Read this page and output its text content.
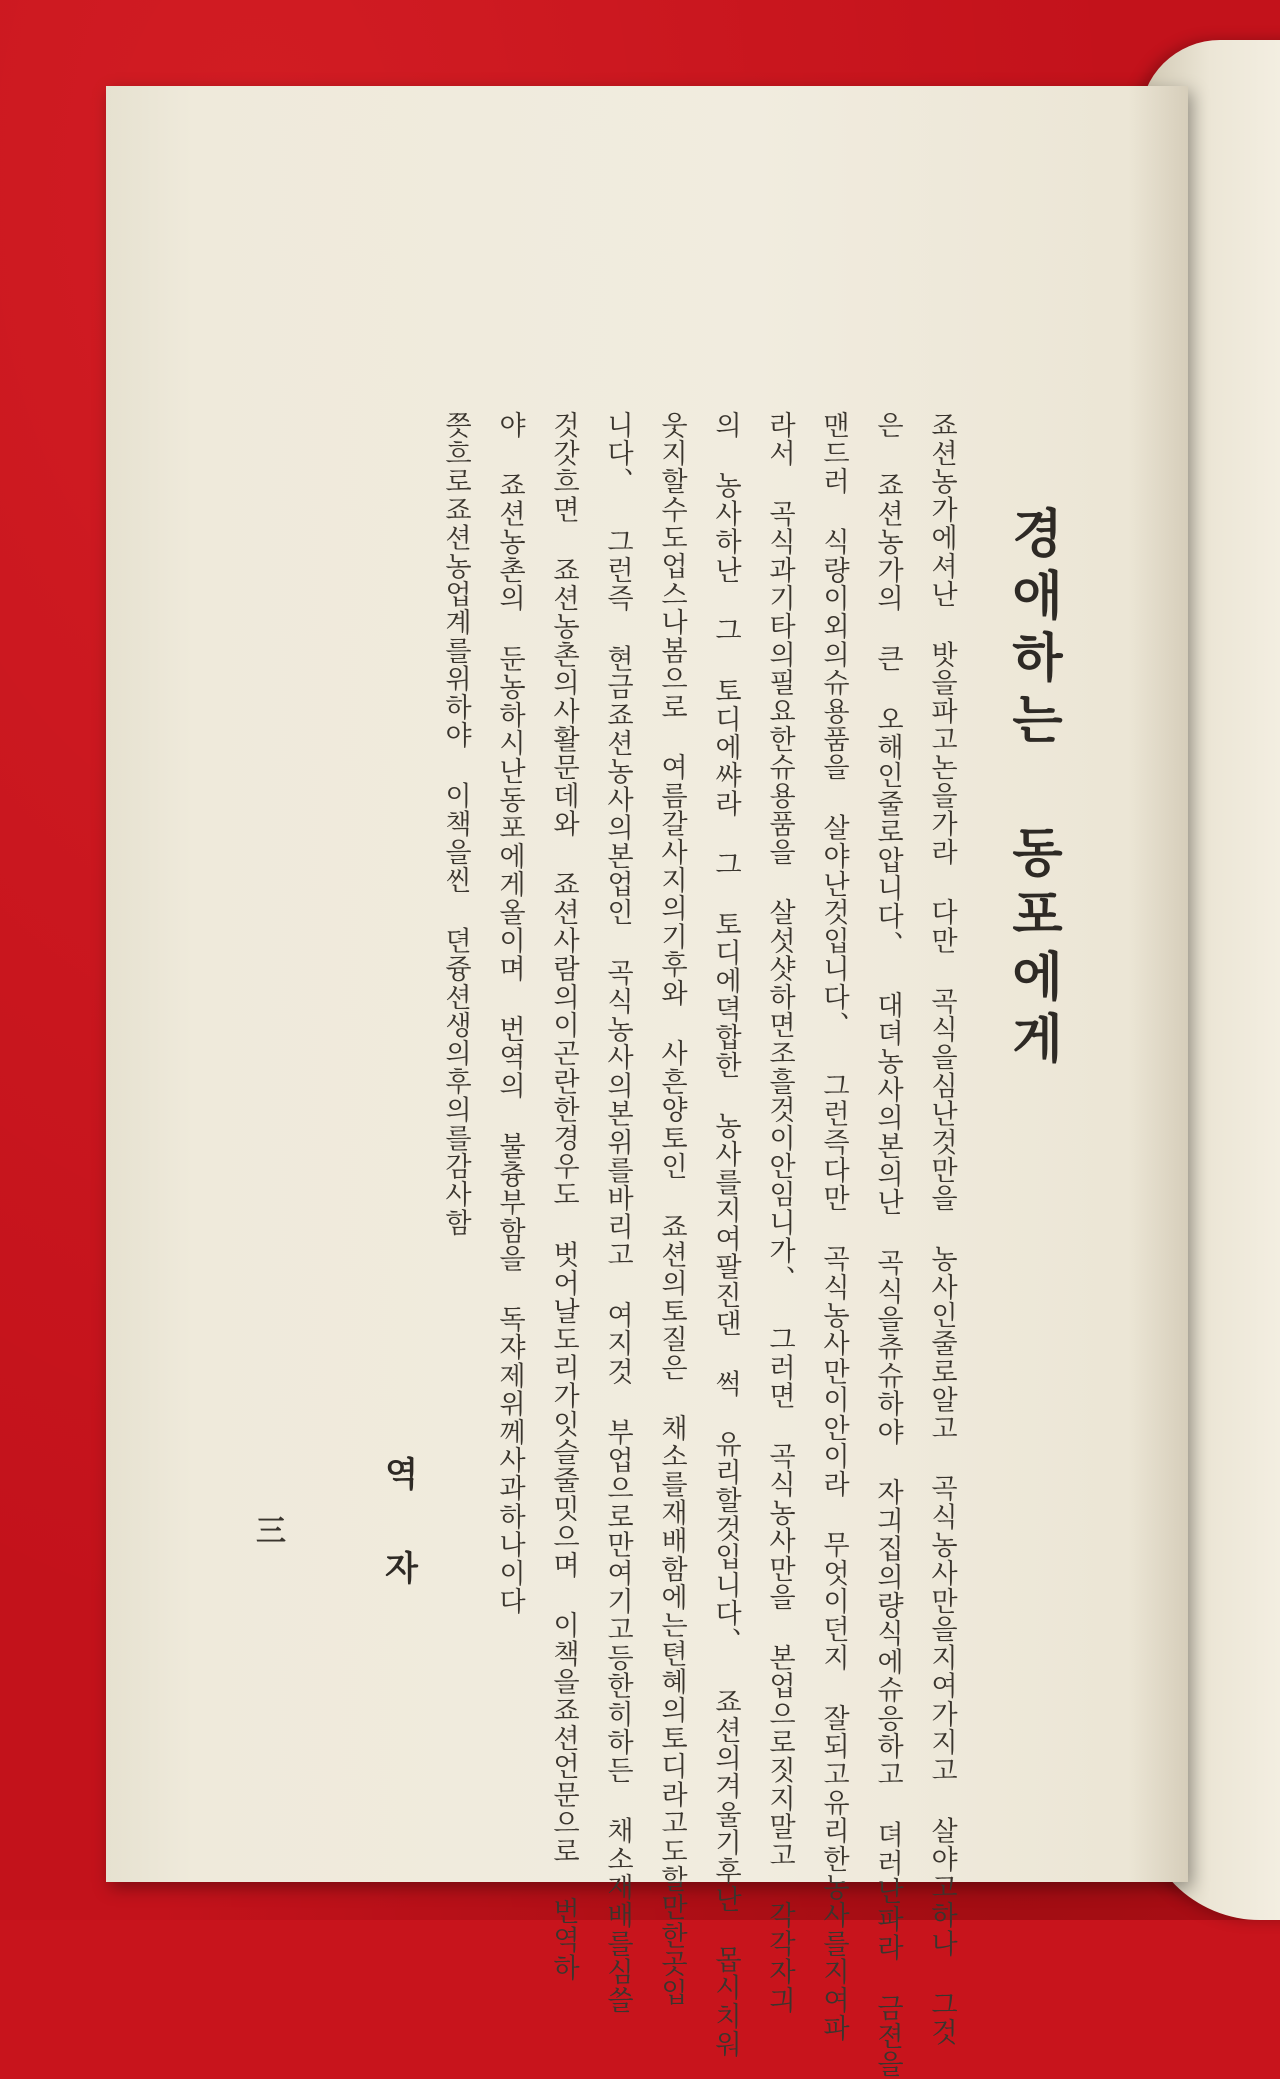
경애하는 동포에게
죠션농가에셔난 밧을파고논을가라 다만 곡식을심난것만을 농사인줄로알고 곡식농사만을지여가지고 살야고하나 그것
은 죠션농가의 큰 오해인줄로압니다、 대뎌농사의본의난 곡식을츄슈하야 자긔집의량식에슈응하고 뎌러난파라 금젼을
맨드러 식량이외의슈용품을 살야난것입니다、 그런즉다만 곡식농사만이안이라 무엇이던지 잘되고유리한농사를지여파
라서 곡식과기타의필요한슈용품을 살섯샷하면조흘것이안임니가、 그러면 곡식농사만을 본업으로짓지말고 각각자긔
의 농사하난 그 토디에쌰라 그 토디에뎍합한 농사를지여팔진댄 썩 유리할것입니다、 죠션의겨울기후난 몹시치워
웃지할수도업스나봄으로 여름갈사지의기후와 사흔양토인 죠션의토질은 채소를재배함에는텬혜의토디라고도할만한곳입
니다、 그런즉 현금죠션농사의본업인 곡식농사의본위를바리고 여지것 부업으로만여기고등한히하든 채소재배를심쓸
것갓흐면 죠션농촌의사활문데와 죠션사람의이곤란한경우도 벗어날도리가잇슬줄밋으며 이책을죠션언문으로 번역하
야 죠션농촌의 둔농하시난동포에게올이며 번역의 불츙부함을 독쟈제위께사과하나이다
쯧흐로죠션농업계를위하야 이책을씬 뎐즁션생의후의를감사함
역자
三
